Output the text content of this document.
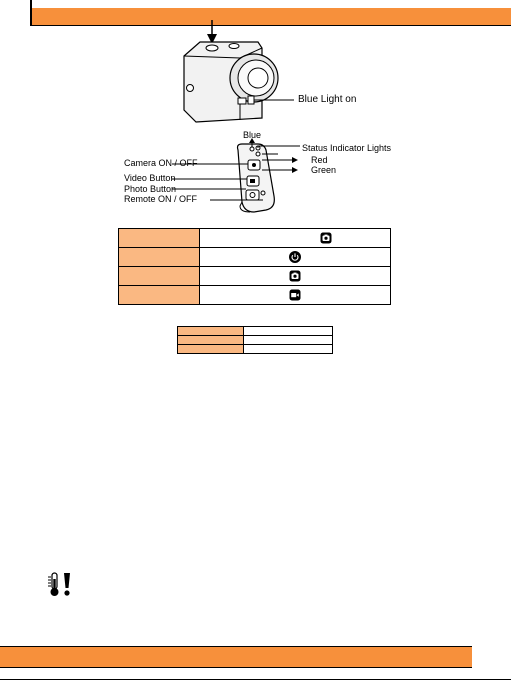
Blue Light on
Blue
Status Indicator Lights
Red
Green
Camera ON / OFF
Video Button
Photo Button
Remote ON / OFF
